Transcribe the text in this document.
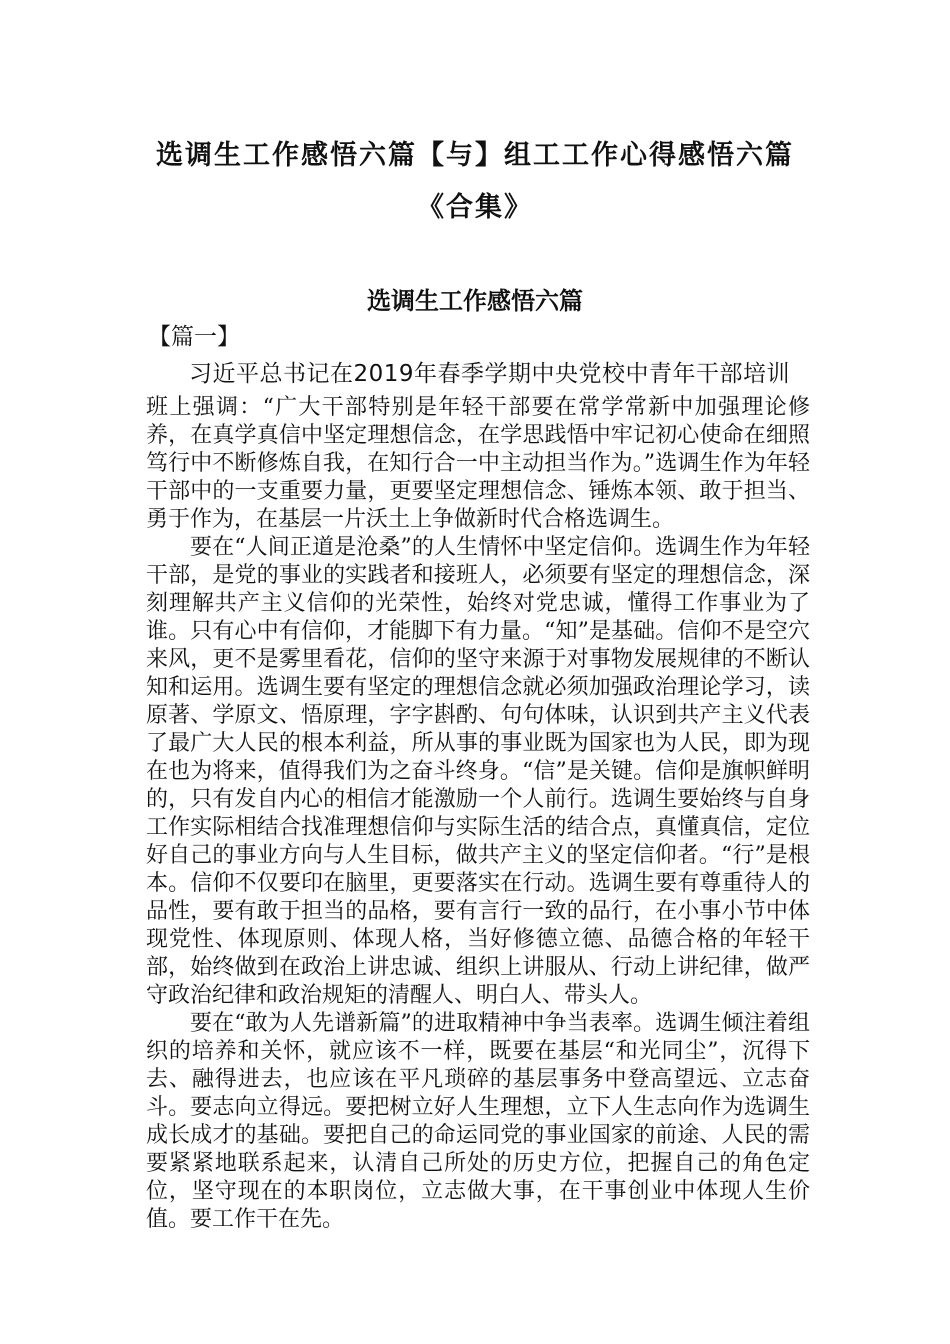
选调生工作感悟六篇【与】组工工作心得感悟六篇《合集》
选调生工作感悟六篇
【篇一】
习近平总书记在2019年春季学期中央党校中青年干部培训

班上强调：“广大干部特别是年轻干部要在常学常新中加强理论修养，在真学真信中坚定理想信念，在学思践悟中牢记初心使命在细照笃行中不断修炼自我，在知行合一中主动担当作为。”选调生作为年轻干部中的一支重要力量，更要坚定理想信念、锤炼本领、敢于担当、勇于作为，在基层一片沃土上争做新时代合格选调生。

要在“人间正道是沧桑”的人生情怀中坚定信仰。选调生作为年轻干部，是党的事业的实践者和接班人，必须要有坚定的理想信念，深刻理解共产主义信仰的光荣性，始终对党忠诚，懂得工作事业为了谁。只有心中有信仰，才能脚下有力量。“知”是基础。信仰不是空穴来风，更不是雾里看花，信仰的坚守来源于对事物发展规律的不断认知和运用。选调生要有坚定的理想信念就必须加强政治理论学习，读原著、学原文、悟原理，字字斟酌、句句体味，认识到共产主义代表了最广大人民的根本利益，所从事的事业既为国家也为人民，即为现在也为将来，值得我们为之奋斗终身。“信”是关键。信仰是旗帜鲜明的，只有发自内心的相信才能激励一个人前行。选调生要始终与自身工作实际相结合找准理想信仰与实际生活的结合点，真懂真信，定位好自己的事业方向与人生目标，做共产主义的坚定信仰者。“行”是根本。信仰不仅要印在脑里，更要落实在行动。选调生要有尊重待人的品性，要有敢于担当的品格，要有言行一致的品行，在小事小节中体现党性、体现原则、体现人格，当好修德立德、品德合格的年轻干部，始终做到在政治上讲忠诚、组织上讲服从、行动上讲纪律，做严守政治纪律和政治规矩的清醒人、明白人、带头人。

要在“敢为人先谱新篇”的进取精神中争当表率。选调生倾注着组织的培养和关怀，就应该不一样，既要在基层“和光同尘”，沉得下去、融得进去，也应该在平凡琐碎的基层事务中登高望远、立志奋斗。要志向立得远。要把树立好人生理想，立下人生志向作为选调生成长成才的基础。要把自己的命运同党的事业国家的前途、人民的需要紧紧地联系起来，认清自己所处的历史方位，把握自己的角色定位，坚守现在的本职岗位，立志做大事，在干事创业中体现人生价值。要工作干在先。
